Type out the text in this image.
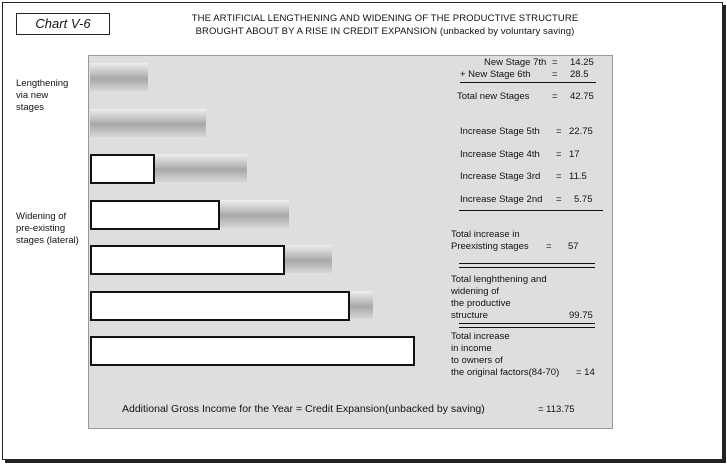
Chart V-6	THE ARTIFICIAL LENGTHENING AND WIDENING OF THE PRODUCTIVE STRUCTURE
BROUGHT ABOUT BY A RISE IN CREDIT EXPANSION (unbacked by voluntary saving)
Lengthening
via new
stages
Widening of
pre-existing
stages (lateral)
New Stage 7th = 14.25
+ New Stage 6th = 28.5
Total new Stages = 42.75
Increase Stage 5th = 22.75
Increase Stage 4th = 17
Increase Stage 3rd = 11.5
Increase Stage 2nd = 5.75
Total increase in
Preexisting stages = 57
Total lenghthening and
widening of
the productive
structure	99.75
Total increase
in income
to owners of
the original factors(84-70) = 14
Additional Gross Income for the Year = Credit Expansion(unbacked by saving)	= 113.75
